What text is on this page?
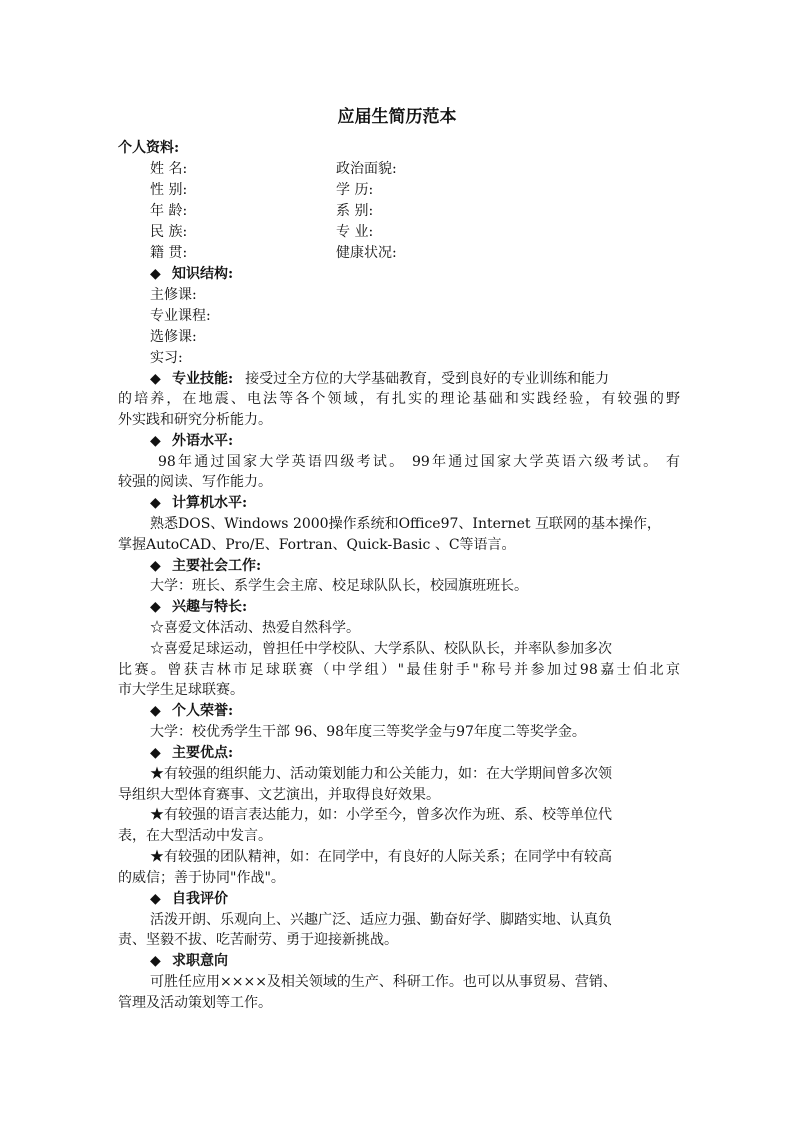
应届生简历范本
个人资料:
姓 名:	政治面貌:
性 别:	学 历:
年 龄:	系 别:
民 族:	专 业:
籍 贯:	健康状况:
◆ 知识结构:
主修课:
专业课程:
选修课:
实习:
◆ 专业技能: 接受过全方位的大学基础教育，受到良好的专业训练和能力
的培养，在地震、电法等各个领域，有扎实的理论基础和实践经验，有较强的野
外实践和研究分析能力。
◆ 外语水平:
98年通过国家大学英语四级考试。 99年通过国家大学英语六级考试。 有
较强的阅读、写作能力。
◆ 计算机水平:
熟悉DOS、Windows 2000操作系统和Office97、Internet 互联网的基本操作，
掌握AutoCAD、Pro/E、Fortran、Quick-Basic 、C等语言。
◆ 主要社会工作:
大学：班长、系学生会主席、校足球队队长，校园旗班班长。
◆ 兴趣与特长:
☆喜爱文体活动、热爱自然科学。
☆喜爱足球运动，曾担任中学校队、大学系队、校队队长，并率队参加多次
比赛。曾获吉林市足球联赛（中学组）"最佳射手"称号并参加过98嘉士伯北京
市大学生足球联赛。
◆ 个人荣誉:
大学：校优秀学生干部 96、98年度三等奖学金与97年度二等奖学金。
◆ 主要优点:
★有较强的组织能力、活动策划能力和公关能力，如：在大学期间曾多次领
导组织大型体育赛事、文艺演出，并取得良好效果。
★有较强的语言表达能力，如：小学至今，曾多次作为班、系、校等单位代
表，在大型活动中发言。
★有较强的团队精神，如：在同学中，有良好的人际关系；在同学中有较高
的威信；善于协同"作战"。
◆ 自我评价
活泼开朗、乐观向上、兴趣广泛、适应力强、勤奋好学、脚踏实地、认真负
责、坚毅不拔、吃苦耐劳、勇于迎接新挑战。
◆ 求职意向
可胜任应用××××及相关领域的生产、科研工作。也可以从事贸易、营销、
管理及活动策划等工作。
